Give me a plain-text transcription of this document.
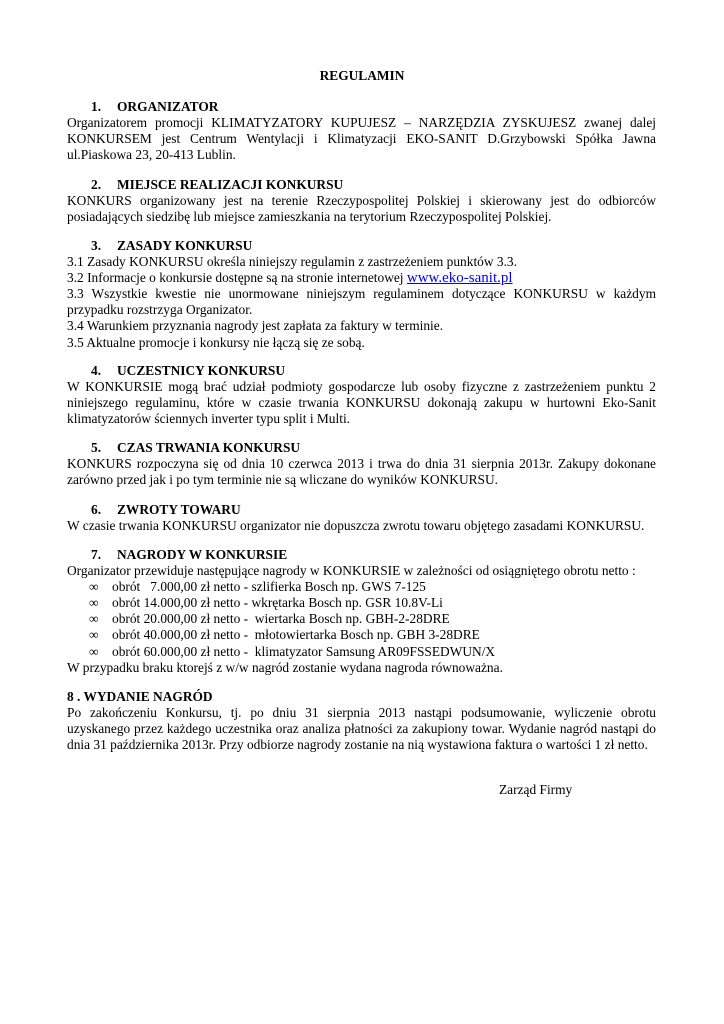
REGULAMIN

1. ORGANIZATOR

Organizatorem promocji KLIMATYZATORY KUPUJESZ – NARZĘDZIA ZYSKUJESZ zwanej dalej KONKURSEM jest Centrum Wentylacji i Klimatyzacji EKO-SANIT D.Grzybowski Spółka Jawna ul.Piaskowa 23, 20-413 Lublin.

2. MIEJSCE REALIZACJI KONKURSU

KONKURS organizowany jest na terenie Rzeczypospolitej Polskiej i skierowany jest do odbiorców posiadających siedzibę lub miejsce zamieszkania na terytorium Rzeczypospolitej Polskiej.

3. ZASADY KONKURSU

3.1 Zasady KONKURSU określa niniejszy regulamin z zastrzeżeniem punktów 3.3.

3.2 Informacje o konkursie dostępne są na stronie internetowej www.eko-sanit.pl

3.3 Wszystkie kwestie nie unormowane niniejszym regulaminem dotyczące KONKURSU w każdym przypadku rozstrzyga Organizator.

3.4 Warunkiem przyznania nagrody jest zapłata za faktury w terminie.

3.5 Aktualne promocje i konkursy nie łączą się ze sobą.

4. UCZESTNICY KONKURSU

W KONKURSIE mogą brać udział podmioty gospodarcze lub osoby fizyczne z zastrzeżeniem punktu 2 niniejszego regulaminu, które w czasie trwania KONKURSU dokonają zakupu w hurtowni Eko-Sanit klimatyzatorów ściennych inverter typu split i Multi.

5. CZAS TRWANIA KONKURSU

KONKURS rozpoczyna się od dnia 10 czerwca 2013 i trwa do dnia 31 sierpnia 2013r. Zakupy dokonane zarówno przed jak i po tym terminie nie są wliczane do wyników KONKURSU.

6. ZWROTY TOWARU

W czasie trwania KONKURSU organizator nie dopuszcza zwrotu towaru objętego zasadami KONKURSU.

7. NAGRODY W KONKURSIE

Organizator przewiduje następujące nagrody w KONKURSIE w zależności od osiągniętego obrotu netto :

∞	obrót   7.000,00 zł netto - szlifierka Bosch np. GWS 7-125
∞	obrót 14.000,00 zł netto - wkrętarka Bosch np. GSR 10.8V-Li
∞	obrót 20.000,00 zł netto -  wiertarka Bosch np. GBH-2-28DRE
∞	obrót 40.000,00 zł netto -  młotowiertarka Bosch np. GBH 3-28DRE
∞	obrót 60.000,00 zł netto -  klimatyzator Samsung AR09FSSEDWUN/X

W przypadku braku ktorejś z w/w nagród zostanie wydana nagroda równoważna.

8 . WYDANIE NAGRÓD

Po zakończeniu Konkursu, tj. po dniu 31 sierpnia 2013 nastąpi podsumowanie, wyliczenie obrotu uzyskanego przez każdego uczestnika oraz analiza płatności za zakupiony towar. Wydanie nagród nastąpi do dnia 31 października 2013r. Przy odbiorze nagrody zostanie na nią wystawiona faktura o wartości 1 zł netto.

Zarząd Firmy
